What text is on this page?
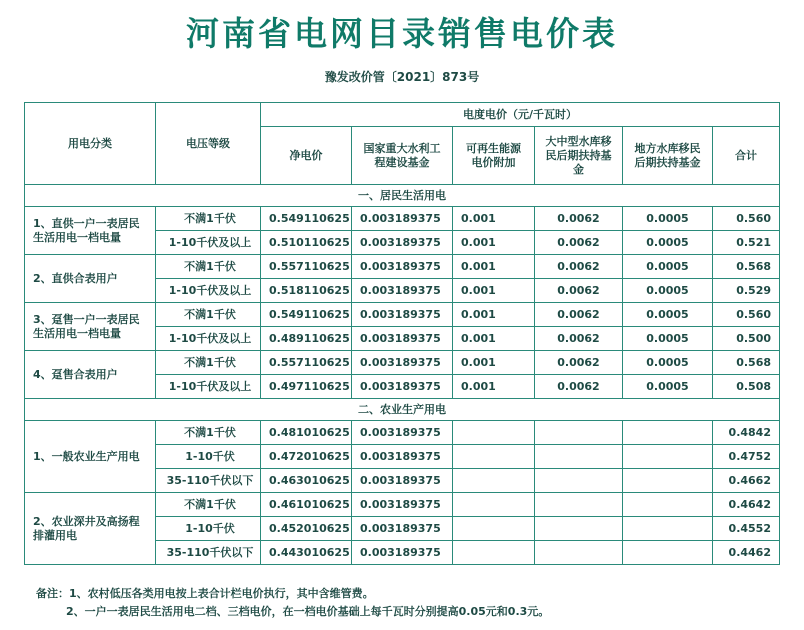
河南省电网目录销售电价表
豫发改价管〔2021〕873号
用电分类	电压等级	电度电价（元/千瓦时）					
		净电价	国家重大水利工程建设基金	可再生能源电价附加	大中型水库移民后期扶持基金	地方水库移民后期扶持基金	合计
一、居民生活用电							
1、直供一户一表居民生活用电一档电量	不满1千伏	0.549110625	0.003189375	0.001	0.0062	0.0005	0.560
	1-10千伏及以上	0.510110625	0.003189375	0.001	0.0062	0.0005	0.521
2、直供合表用户	不满1千伏	0.557110625	0.003189375	0.001	0.0062	0.0005	0.568
	1-10千伏及以上	0.518110625	0.003189375	0.001	0.0062	0.0005	0.529
3、趸售一户一表居民生活用电一档电量	不满1千伏	0.549110625	0.003189375	0.001	0.0062	0.0005	0.560
	1-10千伏及以上	0.489110625	0.003189375	0.001	0.0062	0.0005	0.500
4、趸售合表用户	不满1千伏	0.557110625	0.003189375	0.001	0.0062	0.0005	0.568
	1-10千伏及以上	0.497110625	0.003189375	0.001	0.0062	0.0005	0.508
二、农业生产用电							
1、一般农业生产用电	不满1千伏	0.481010625	0.003189375				0.4842
	1-10千伏	0.472010625	0.003189375				0.4752
	35-110千伏以下	0.463010625	0.003189375				0.4662
2、农业深井及高扬程排灌用电	不满1千伏	0.461010625	0.003189375				0.4642
	1-10千伏	0.452010625	0.003189375				0.4552
	35-110千伏以下	0.443010625	0.003189375				0.4462
备注：1、农村低压各类用电按上表合计栏电价执行，其中含维管费。
2、一户一表居民生活用电二档、三档电价，在一档电价基础上每千瓦时分别提高0.05元和0.3元。
